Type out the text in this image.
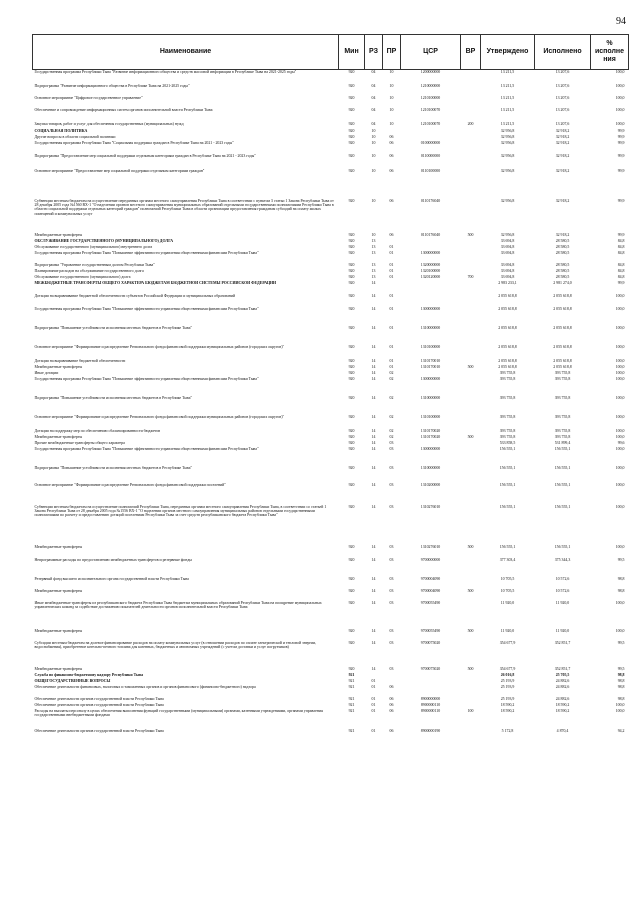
94
Наименование	Мин	РЗ	ПР	ЦСР	ВР	Утверждено	Исполнено	% исполне ния
Государственная программа Республики Тыва "Развитие информационного общества и средств массовой информации в Республике Тыва на 2021-2025 годы"	920	04	10	1200000000		13 211,5	13 207,6	100,0
Подпрограмма "Развитие информационного общества в Республике Тыва на 2021-2025 годы"	920	04	10	1210000000		13 211,5	13 207,6	100,0
Основное мероприятие "Цифровое государственное управление"	920	04	10	1210100000		13 211,5	13 207,6	100,0
Обеспечение и сопровождение информационных систем органов исполнительной власти Республики Тыва	920	04	10	1210100070		13 211,5	13 207,6	100,0
Закупка товаров, работ и услуг для обеспечения государственных (муниципальных) нужд	920	04	10	1210100070	200	13 211,5	13 207,6	100,0
СОЦИАЛЬНАЯ ПОЛИТИКА	920	10				32 956,8	32 918,2	99,9
Другие вопросы в области социальной политики	920	10	06			32 956,8	32 918,2	99,9
Государственная программа Республики Тыва "Социальная поддержка граждан в Республике Тыва на 2021 - 2023 годы"	920	10	06	0100000000		32 956,8	32 918,2	99,9
Подпрограмма "Предоставление мер социальной поддержки отдельным категориям граждан в Республике Тыва на 2021 - 2023 годы"	920	10	06	0110000000		32 956,8	32 918,2	99,9
Основное мероприятие "Предоставление мер социальной поддержки отдельным категориям граждан"	920	10	06	0110100000		32 956,8	32 918,2	99,9
Субвенции местным бюджетам на осуществление переданных органам местного самоуправления Республики Тыва в соответствии с пунктом 3 статьи 1 Закона Республики Тыва от 28 декабря 2005 года №1560 ВХ-1 "О наделении органов местного самоуправления муниципальных образований отдельными государственными полномочиями Республики Тыва в области социальной поддержки отдельных категорий граждан" полномочий Республики Тыва в области организации предоставления гражданам субсидий на оплату жилых помещений и коммунальных услуг	920	10	06	0110176040		32 956,8	32 918,2	99,9
Межбюджетные трансферты	920	10	06	0110176040	500	32 956,8	32 918,2	99,9
ОБСЛУЖИВАНИЕ ГОСУДАРСТВЕННОГО (МУНИЦИПАЛЬНОГО) ДОЛГА	920	13				33 694,8	28 580,5	84,8
Обслуживание государственного (муниципального) внутреннего долга	920	13	01			33 694,8	28 580,5	84,8
Государственная программа Республики Тыва "Повышение эффективности управления общественными финансами Республики Тыва"	920	13	01	1300000000		33 694,8	28 580,5	84,8
Подпрограмма "Управление государственным долгом Республики Тыва"	920	13	01	1320000000		33 694,8	28 580,5	84,8
Планирование расходов на обслуживание государственного долга	920	13	01	1320100000		33 694,8	28 580,5	84,8
Обслуживание государственного (муниципального) долга	920	13	01	1320120000	700	33 694,8	28 580,5	84,8
МЕЖБЮДЖЕТНЫЕ ТРАНСФЕРТЫ ОБЩЕГО ХАРАКТЕРА БЮДЖЕТАМ БЮДЖЕТНОЙ СИСТЕМЫ РОССИЙСКОЙ ФЕДЕРАЦИИ	920	14				2 983 233,1	2 981 274,0	99,9
Дотации на выравнивание бюджетной обеспеченности субъектов Российской Федерации и муниципальных образований	920	14	01			2 055 618,8	2 055 618,8	100,0
Государственная программа Республики Тыва "Повышение эффективности управления общественными финансами Республики Тыва"	920	14	01	1300000000		2 055 618,8	2 055 618,8	100,0
Подпрограмма "Повышение устойчивости исполнения местных бюджетов в Республике Тыва"	920	14	01	1310000000		2 055 618,8	2 055 618,8	100,0
Основное мероприятие "Формирование и распределение Регионального фонда финансовой поддержки муниципальных районов (городских округов)"	920	14	01	1310100000		2 055 618,8	2 055 618,8	100,0
Дотации на выравнивание бюджетной обеспеченности	920	14	01	1310170010		2 055 618,8	2 055 618,8	100,0
Межбюджетные трансферты	920	14	01	1310170010	500	2 055 618,8	2 055 618,8	100,0
Иные дотации	920	14	02			393 755,8	393 755,8	100,0
Государственная программа Республики Тыва "Повышение эффективности управления общественными финансами Республики Тыва"	920	14	02	1300000000		393 755,8	393 755,8	100,0
Подпрограмма "Повышение устойчивости исполнения местных бюджетов в Республике Тыва"	920	14	02	1310000000		393 755,8	393 755,8	100,0
Основное мероприятие "Формирование и распределение Регионального фонда финансовой поддержки муниципальных районов (городских округов)"	920	14	02	1310100000		393 755,8	393 755,8	100,0
Дотации на поддержку мер по обеспечению сбалансированности бюджетов	920	14	02	1310170020		393 755,8	393 755,8	100,0
Межбюджетные трансферты	920	14	02	1310170020	500	393 755,8	393 755,8	100,0
Прочие межбюджетные трансферты общего характера	920	14	03			533 858,5	531 899,4	99,6
Государственная программа Республики Тыва "Повышение эффективности управления общественными финансами Республики Тыва"	920	14	03	1300000000		156 555,1	156 555,1	100,0
Подпрограмма "Повышение устойчивости исполнения местных бюджетов в Республике Тыва"	920	14	03	1310000000		156 555,1	156 555,1	100,0
Основное мероприятие "Формирование и распределение Регионального фонда финансовой поддержки поселений"	920	14	03	1310200000		156 555,1	156 555,1	100,0
Субвенции местным бюджетам на осуществление полномочий Республики Тыва, переданных органам местного самоуправления Республики Тыва, в соответствии со статьей 1 Закона Республики Тыва от 28 декабря 2005 года №1556 ВХ-1 "О наделении органов местного самоуправления муниципальных районов отдельными государственными полномочиями по расчету и предоставлению дотаций поселениям Республики Тыва за счет средств республиканского бюджета Республики Тыва"	920	14	03	1310276010		156 555,1	156 555,1	100,0
Межбюджетные трансферты	920	14	03	1310276010	500	156 555,1	156 555,1	100,0
Непрограммные расходы по предоставлению межбюджетных трансфертов и резервные фонды	920	14	03	9700000000		377 303,4	375 344,3	99,5
Резервный фонд высшего исполнительного органа государственной власти Республики Тыва	920	14	03	9700004090		10 705,5	10 572,6	98,8
Межбюджетные трансферты	920	14	03	9700004090	500	10 705,5	10 572,6	98,8
Иные межбюджетные трансферты из республиканского бюджета Республики Тыва бюджетам муниципальных образований Республики Тыва на поощрение муниципальных управленческих команд за содействие достижению показателей деятельности органов исполнительной власти Республики Тыва	920	14	03	9700055490		11 920,0	11 920,0	100,0
Межбюджетные трансферты	920	14	03	9700055490	500	11 920,0	11 920,0	100,0
Субсидии местным бюджетам на долевое финансирование расходов на оплату коммунальных услуг (в отношении расходов по оплате электрической и тепловой энергии, водоснабжения), приобретение котельно-печного топлива для казенных, бюджетных и автономных учреждений (с учетом доставки и услуг погрузчиков)	920	14	03	9700075020		354 677,9	352 851,7	99,5
Межбюджетные трансферты	920	14	03	9700075020	500	354 677,9	352 851,7	99,5
Служба по финансово-бюджетному надзору Республики Тыва	921					26 016,8	25 705,5	98,8
ОБЩЕГОСУДАРСТВЕННЫЕ ВОПРОСЫ	921	01				25 193,9	24 882,6	98,8
Обеспечение деятельности финансовых, налоговых и таможенных органов и органов финансового (финансово-бюджетного) надзора	921	01	06			25 193,9	24 882,6	98,8
Обеспечение деятельности органов государственной власти Республики Тыва	921	01	06	8900000000		25 193,9	24 882,6	98,8
Обеспечение деятельности органов государственной власти Республики Тыва	921	01	06	8900000110		18 590,2	18 590,2	100,0
Расходы на выплаты персоналу в целях обеспечения выполнения функций государственными (муниципальными) органами, казенными учреждениями, органами управления государственными внебюджетными фондами	921	01	06	8900000110	100	18 590,2	18 590,2	100,0
Обеспечение деятельности органов государственной власти Республики Тыва	921	01	06	8900000190		5 172,8	4 870,4	94,2
